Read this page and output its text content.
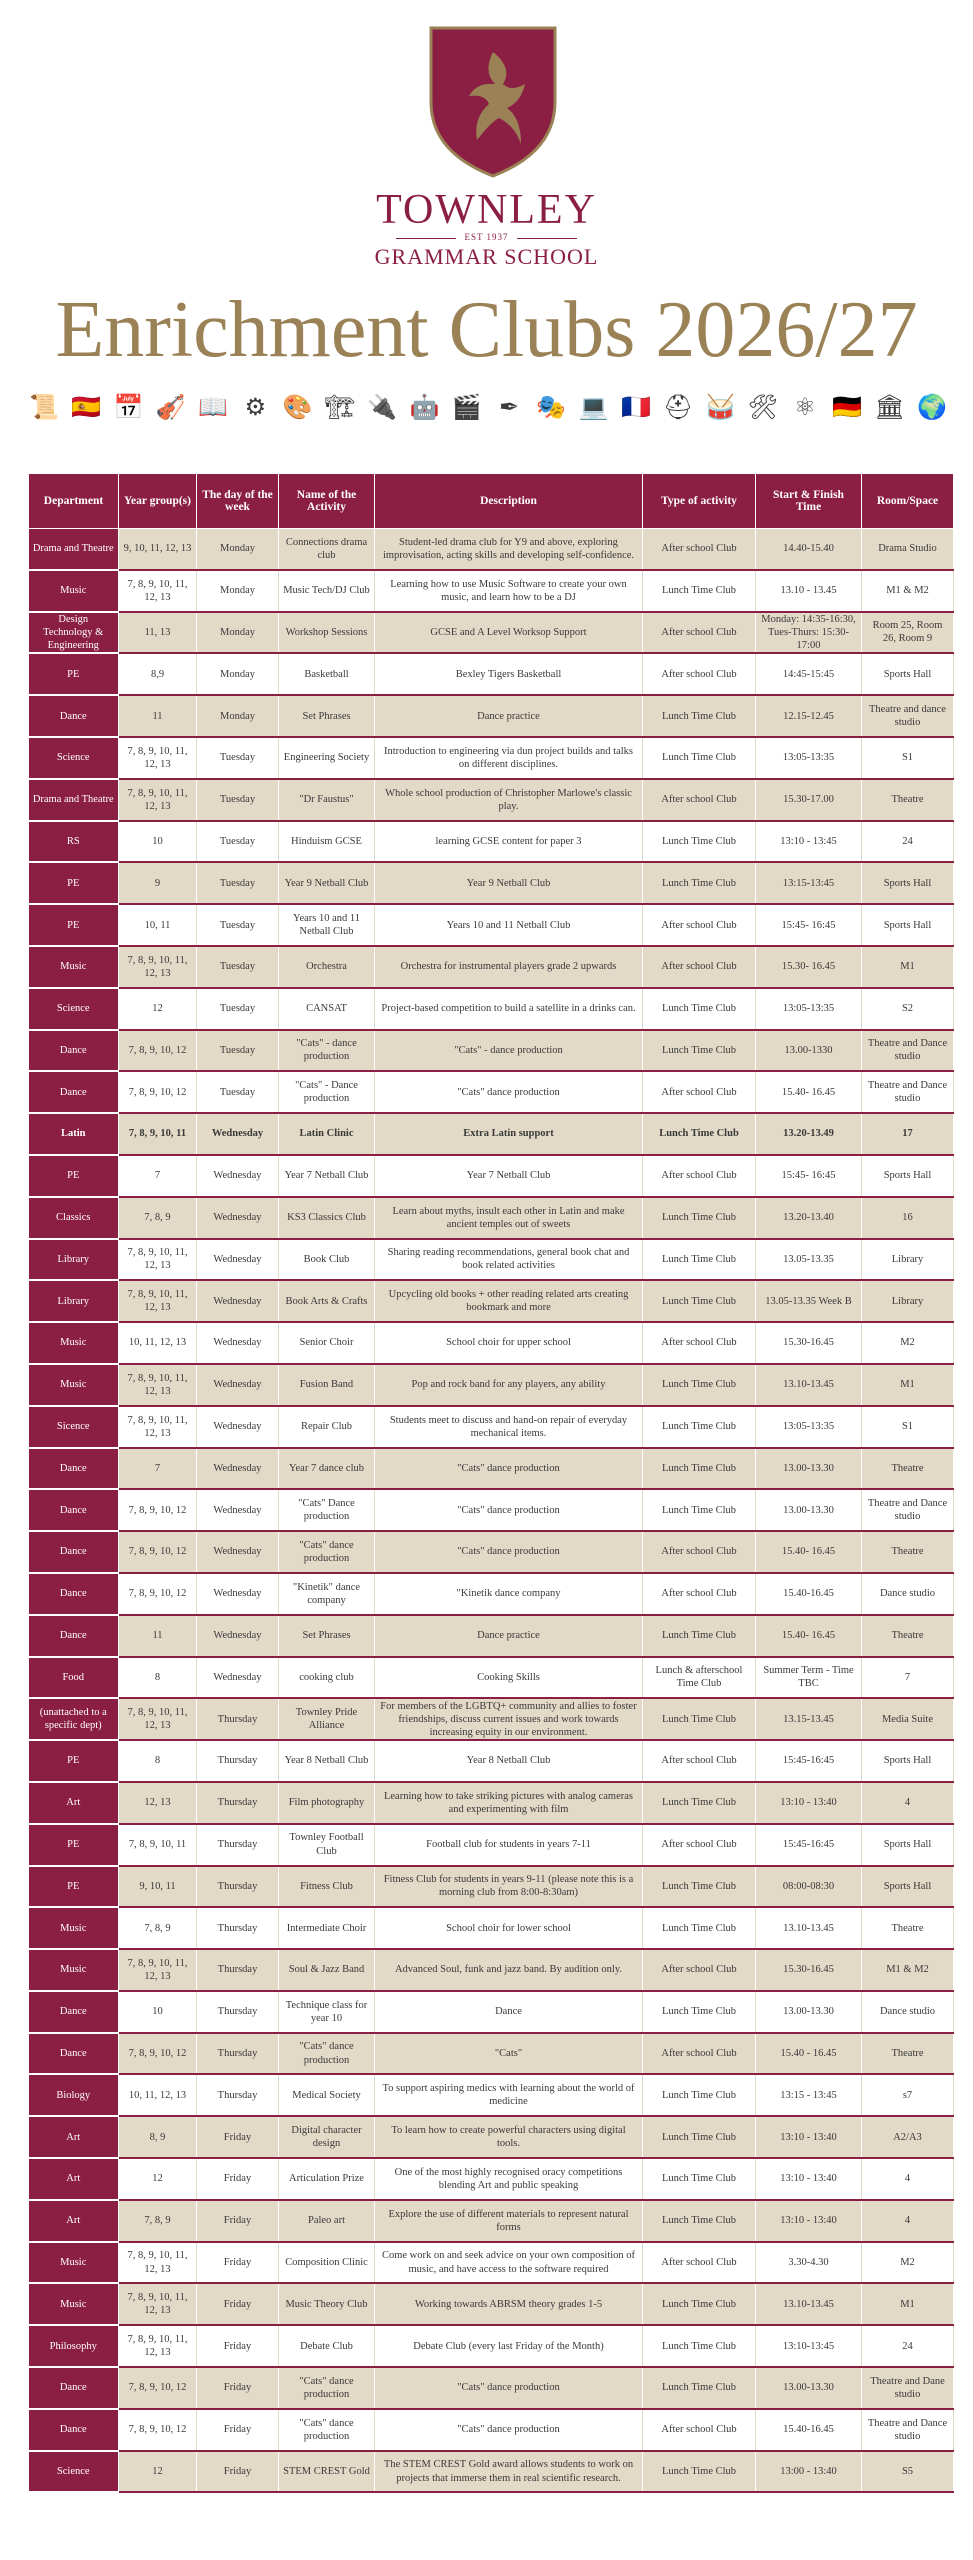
TOWNLEY
EST 1937
GRAMMAR SCHOOL
Enrichment Clubs 2026/27
📜 🇪🇸 📅 🎻 📖 ⚙ 🎨 🏗 🔌 🤖 🎬 ✒ 🎭 💻 🇫🇷 ⛑ 🥁 🛠 ⚛ 🇩🇪 🏛 🌍
Department	Year group(s)	The day of the week	Name of the Activity	Description	Type of activity	Start & Finish Time	Room/Space
Drama and Theatre	9, 10, 11, 12, 13	Monday	Connections drama club	Student-led drama club for Y9 and above, exploring improvisation, acting skills and developing self-confidence.	After school Club	14.40-15.40	Drama Studio
Music	7, 8, 9, 10, 11, 12, 13	Monday	Music Tech/DJ Club	Learning how to use Music Software to create your own music, and learn how to be a DJ	Lunch Time Club	13.10 - 13.45	M1 & M2
Design Technology & Engineering	11, 13	Monday	Workshop Sessions	GCSE and A Level Worksop Support	After school Club	Monday: 14:35-16:30, Tues-Thurs: 15:30-17:00	Room 25, Room 26, Room 9
PE	8,9	Monday	Basketball	Bexley Tigers Basketball	After school Club	14:45-15:45	Sports Hall
Dance	11	Monday	Set Phrases	Dance practice	Lunch Time Club	12.15-12.45	Theatre and dance studio
Science	7, 8, 9, 10, 11, 12, 13	Tuesday	Engineering Society	Introduction to engineering via dun project builds and talks on different disciplines.	Lunch Time Club	13:05-13:35	S1
Drama and Theatre	7, 8, 9, 10, 11, 12, 13	Tuesday	"Dr Faustus"	Whole school production of Christopher Marlowe's classic play.	After school Club	15.30-17.00	Theatre
RS	10	Tuesday	Hinduism GCSE	learning GCSE content for paper 3	Lunch Time Club	13:10 - 13:45	24
PE	9	Tuesday	Year 9 Netball Club	Year 9 Netball Club	Lunch Time Club	13:15-13:45	Sports Hall
PE	10, 11	Tuesday	Years 10 and 11 Netball Club	Years 10 and 11 Netball Club	After school Club	15:45- 16:45	Sports Hall
Music	7, 8, 9, 10, 11, 12, 13	Tuesday	Orchestra	Orchestra for instrumental players grade 2 upwards	After school Club	15.30- 16.45	M1
Science	12	Tuesday	CANSAT	Project-based competition to build a satellite in a drinks can.	Lunch Time Club	13:05-13:35	S2
Dance	7, 8, 9, 10, 12	Tuesday	"Cats" - dance production	"Cats" - dance production	Lunch Time Club	13.00-1330	Theatre and Dance studio
Dance	7, 8, 9, 10, 12	Tuesday	"Cats" - Dance production	"Cats" dance production	After school Club	15.40- 16.45	Theatre and Dance studio
Latin	7, 8, 9, 10, 11	Wednesday	Latin Clinic	Extra Latin support	Lunch Time Club	13.20-13.49	17
PE	7	Wednesday	Year 7 Netball Club	Year 7 Netball Club	After school Club	15:45- 16:45	Sports Hall
Classics	7, 8, 9	Wednesday	KS3 Classics Club	Learn about myths, insult each other in Latin and make ancient temples out of sweets	Lunch Time Club	13.20-13.40	16
Library	7, 8, 9, 10, 11, 12, 13	Wednesday	Book Club	Sharing reading recommendations, general book chat and book related activities	Lunch Time Club	13.05-13.35	Library
Library	7, 8, 9, 10, 11, 12, 13	Wednesday	Book Arts & Crafts	Upcycling old books + other reading related arts creating bookmark and more	Lunch Time Club	13.05-13.35 Week B	Library
Music	10, 11, 12, 13	Wednesday	Senior Choir	School choir for upper school	After school Club	15.30-16.45	M2
Music	7, 8, 9, 10, 11, 12, 13	Wednesday	Fusion Band	Pop and rock band for any players, any ability	Lunch Time Club	13.10-13.45	M1
Sicence	7, 8, 9, 10, 11, 12, 13	Wednesday	Repair Club	Students meet to discuss and hand-on repair of everyday mechanical items.	Lunch Time Club	13:05-13:35	S1
Dance	7	Wednesday	Year 7 dance club	"Cats" dance production	Lunch Time Club	13.00-13.30	Theatre
Dance	7, 8, 9, 10, 12	Wednesday	"Cats" Dance production	"Cats" dance production	Lunch Time Club	13.00-13.30	Theatre and Dance studio
Dance	7, 8, 9, 10, 12	Wednesday	"Cats" dance production	"Cats" dance production	After school Club	15.40- 16.45	Theatre
Dance	7, 8, 9, 10, 12	Wednesday	"Kinetik" dance company	"Kinetik dance company	After school Club	15.40-16.45	Dance studio
Dance	11	Wednesday	Set Phrases	Dance practice	Lunch Time Club	15.40- 16.45	Theatre
Food	8	Wednesday	cooking club	Cooking Skills	Lunch & afterschool Time Club	Summer Term - Time TBC	7
(unattached to a specific dept)	7, 8, 9, 10, 11, 12, 13	Thursday	Townley Pride Alliance	For members of the LGBTQ+ community and allies to foster friendships, discuss current issues and work towards increasing equity in our environment.	Lunch Time Club	13.15-13.45	Media Suite
PE	8	Thursday	Year 8 Netball Club	Year 8 Netball Club	After school Club	15:45-16:45	Sports Hall
Art	12, 13	Thursday	Film photography	Learning how to take striking pictures with analog cameras and experimenting with film	Lunch Time Club	13:10 - 13:40	4
PE	7, 8, 9, 10, 11	Thursday	Townley Football Club	Football club for students in years 7-11	After school Club	15:45-16:45	Sports Hall
PE	9, 10, 11	Thursday	Fitness Club	Fitness Club for students in years 9-11 (please note this is a morning club from 8:00-8:30am)	Lunch Time Club	08:00-08:30	Sports Hall
Music	7, 8, 9	Thursday	Intermediate Choir	School choir for lower school	Lunch Time Club	13.10-13.45	Theatre
Music	7, 8, 9, 10, 11, 12, 13	Thursday	Soul & Jazz Band	Advanced Soul, funk and jazz band. By audition only.	After school Club	15.30-16.45	M1 & M2
Dance	10	Thursday	Technique class for year 10	Dance	Lunch Time Club	13.00-13.30	Dance studio
Dance	7, 8, 9, 10, 12	Thursday	"Cats" dance production	"Cats"	After school Club	15.40 - 16.45	Theatre
Biology	10, 11, 12, 13	Thursday	Medical Society	To support aspiring medics with learning about the world of medicine	Lunch Time Club	13:15 - 13:45	s7
Art	8, 9	Friday	Digital character design	To learn how to create powerful characters using digital tools.	Lunch Time Club	13:10 - 13:40	A2/A3
Art	12	Friday	Articulation Prize	One of the most highly recognised oracy competitions blending Art and public speaking	Lunch Time Club	13:10 - 13:40	4
Art	7, 8, 9	Friday	Paleo art	Explore the use of different materials to represent natural forms	Lunch Time Club	13:10 - 13:40	4
Music	7, 8, 9, 10, 11, 12, 13	Friday	Composition Clinic	Come work on and seek advice on your own composition of music, and have access to the software required	After school Club	3.30-4.30	M2
Music	7, 8, 9, 10, 11, 12, 13	Friday	Music Theory Club	Working towards ABRSM theory grades 1-5	Lunch Time Club	13.10-13.45	M1
Philosophy	7, 8, 9, 10, 11, 12, 13	Friday	Debate Club	Debate Club (every last Friday of the Month)	Lunch Time Club	13:10-13:45	24
Dance	7, 8, 9, 10, 12	Friday	"Cats" dance production	"Cats" dance production	Lunch Time Club	13.00-13.30	Theatre and Dane studio
Dance	7, 8, 9, 10, 12	Friday	"Cats" dance production	"Cats" dance production	After school Club	15.40-16.45	Theatre and Dance studio
Science	12	Friday	STEM CREST Gold	The STEM CREST Gold award allows students to work on projects that immerse them in real scientific research.	Lunch Time Club	13:00 - 13:40	S5
